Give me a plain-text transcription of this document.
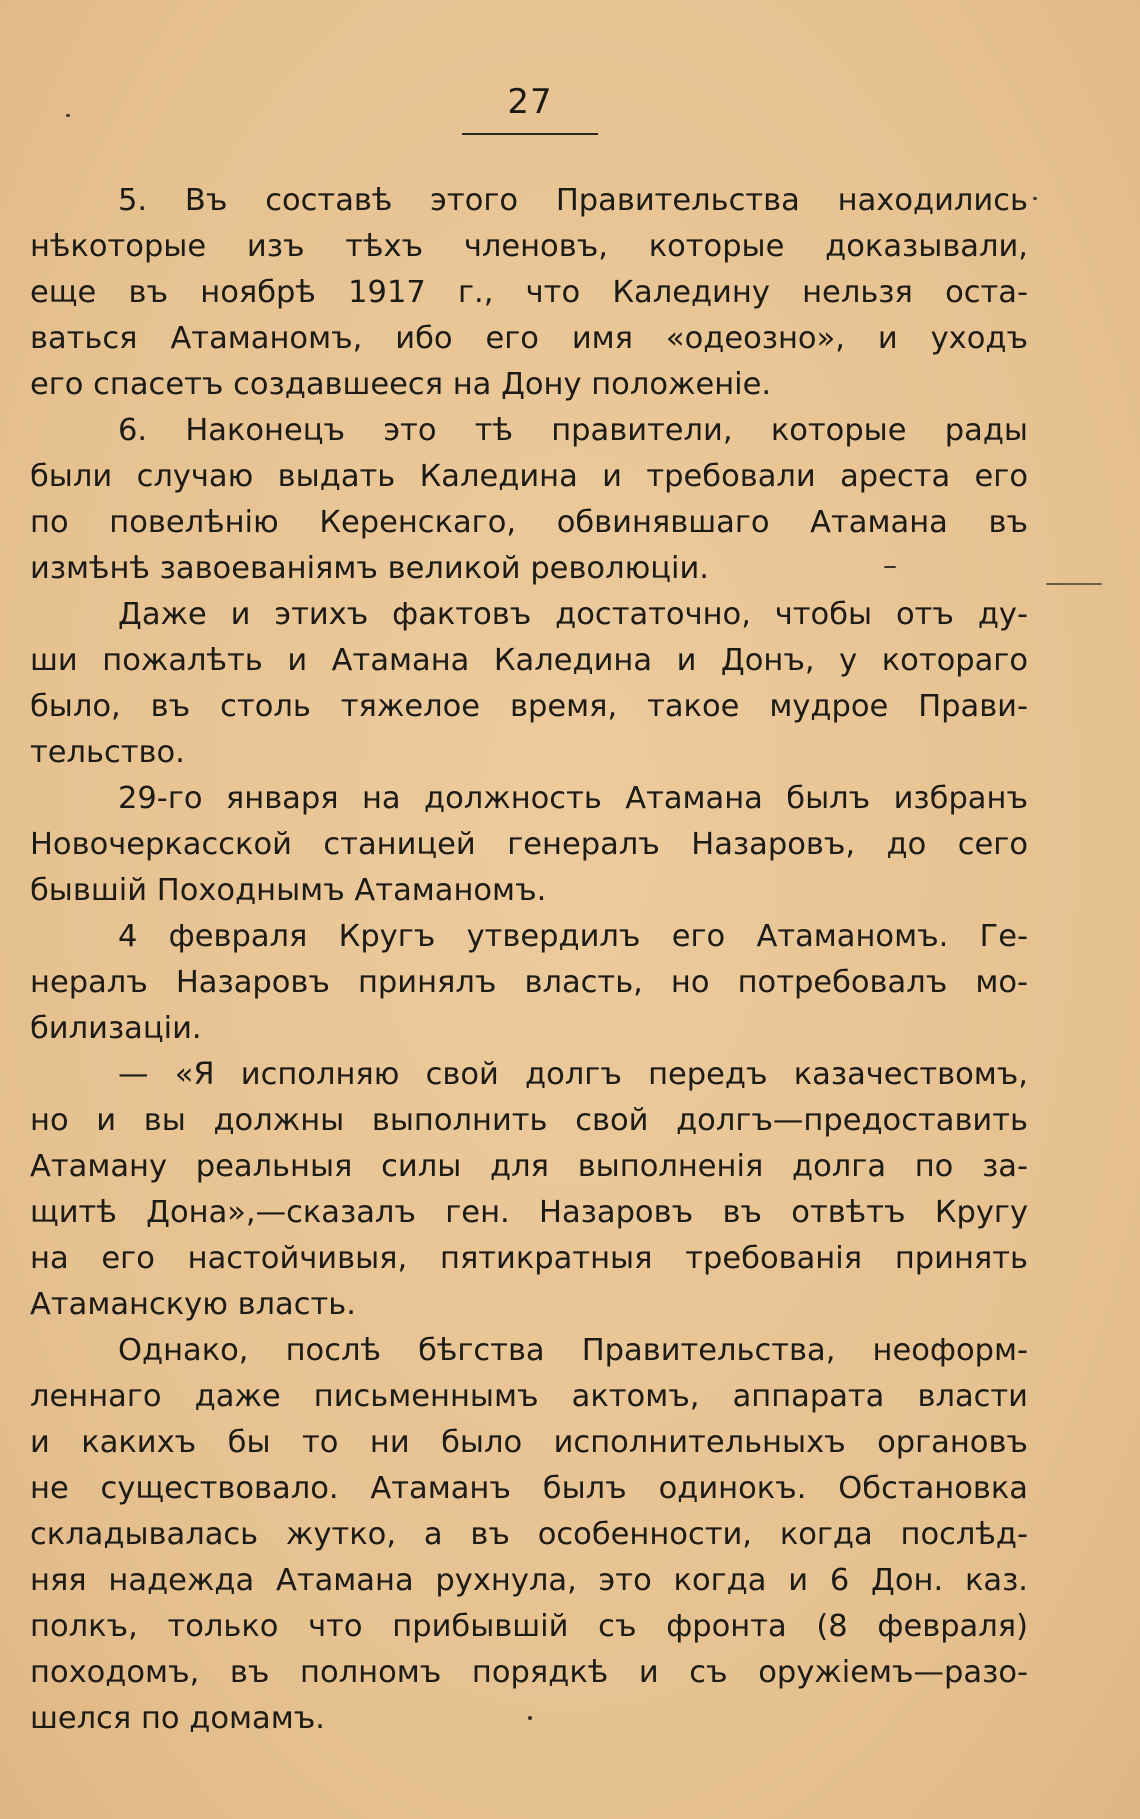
27
5. Въ составѣ этого Правительства находились
нѣкоторые изъ тѣхъ членовъ, которые доказывали,
еще въ ноябрѣ 1917 г., что Каледину нельзя оста-
ваться Атаманомъ, ибо его имя «одеозно», и уходъ
его спасетъ создавшееся на Дону положеніе.
6. Наконецъ это тѣ правители, которые рады
были случаю выдать Каледина и требовали ареста его
по повелѣнію Керенскаго, обвинявшаго Атамана въ
измѣнѣ завоеваніямъ великой революціи.
Даже и этихъ фактовъ достаточно, чтобы отъ ду-
ши пожалѣть и Атамана Каледина и Донъ, у котораго
было, въ столь тяжелое время, такое мудрое Прави-
тельство.
29-го января на должность Атамана былъ избранъ
Новочеркасской станицей генералъ Назаровъ, до сего
бывшій Походнымъ Атаманомъ.
4 февраля Кругъ утвердилъ его Атаманомъ. Ге-
нералъ Назаровъ принялъ власть, но потребовалъ мо-
билизаціи.
— «Я исполняю свой долгъ передъ казачествомъ,
но и вы должны выполнить свой долгъ—предоставить
Атаману реальныя силы для выполненія долга по за-
щитѣ Дона»,—сказалъ ген. Назаровъ въ отвѣтъ Кругу
на его настойчивыя, пятикратныя требованія принять
Атаманскую власть.
Однако, послѣ бѣгства Правительства, неоформ-
леннаго даже письменнымъ актомъ, аппарата власти
и какихъ бы то ни было исполнительныхъ органовъ
не существовало. Атаманъ былъ одинокъ. Обстановка
складывалась жутко, а въ особенности, когда послѣд-
няя надежда Атамана рухнула, это когда и 6 Дон. каз.
полкъ, только что прибывшій съ фронта (8 февраля)
походомъ, въ полномъ порядкѣ и съ оружіемъ—разо-
шелся по домамъ.
